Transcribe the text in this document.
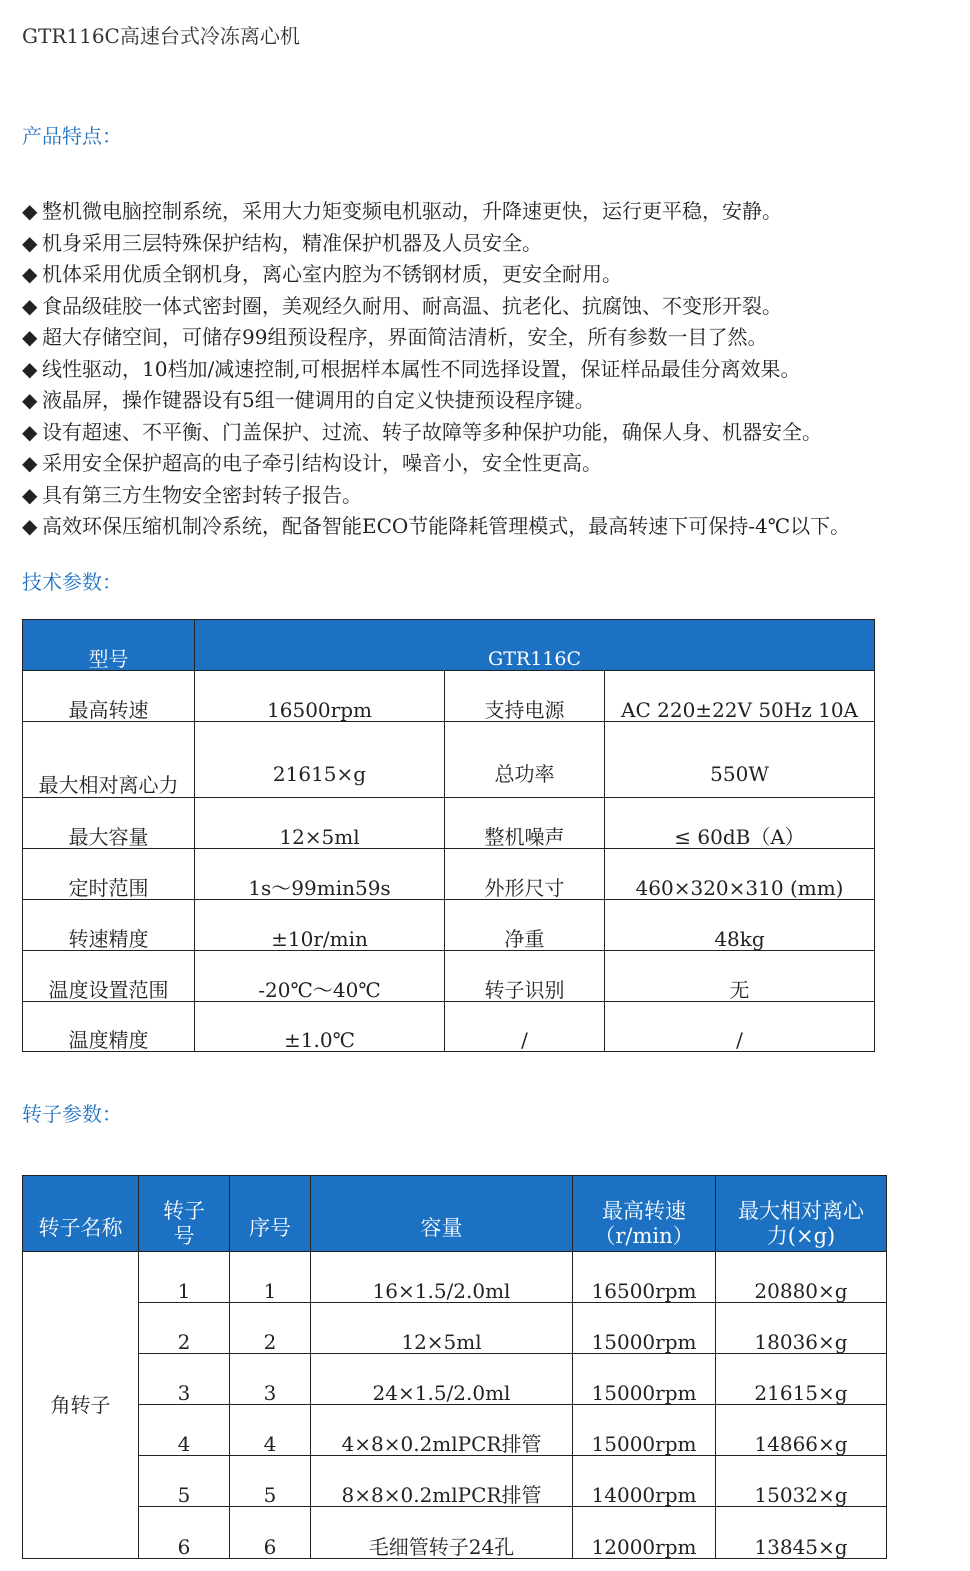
GTR116C高速台式冷冻离心机
产品特点：
◆ 整机微电脑控制系统，采用大力矩变频电机驱动，升降速更快，运行更平稳，安静。
◆ 机身采用三层特殊保护结构，精准保护机器及人员安全。
◆ 机体采用优质全钢机身，离心室内腔为不锈钢材质，更安全耐用。
◆ 食品级硅胶一体式密封圈，美观经久耐用、耐高温、抗老化、抗腐蚀、不变形开裂。
◆ 超大存储空间，可储存99组预设程序，界面简洁清析，安全，所有参数一目了然。
◆ 线性驱动，10档加/减速控制,可根据样本属性不同选择设置，保证样品最佳分离效果。
◆ 液晶屏，操作键器设有5组一健调用的自定义快捷预设程序键。
◆ 设有超速、不平衡、门盖保护、过流、转子故障等多种保护功能，确保人身、机器安全。
◆ 采用安全保护超高的电子牵引结构设计，噪音小，安全性更高。
◆ 具有第三方生物安全密封转子报告。
◆ 高效环保压缩机制冷系统，配备智能ECO节能降耗管理模式，最高转速下可保持-4℃以下。
技术参数：
型号	GTR116C		
最高转速	16500rpm	支持电源	AC 220±22V 50Hz 10A
最大相对离心力	21615×g	总功率	550W
最大容量	12×5ml	整机噪声	≤ 60dB（A）
定时范围	1s～99min59s	外形尺寸	460×320×310 (mm)
转速精度	±10r/min	净重	48kg
温度设置范围	-20℃～40℃	转子识别	无
温度精度	±1.0℃	/	/
转子参数：
转子名称	转子号	序号	容量	最高转速（r/min）	最大相对离心力(×g)
角转子	1	1	16×1.5/2.0ml	16500rpm	20880×g
	2	2	12×5ml	15000rpm	18036×g
	3	3	24×1.5/2.0ml	15000rpm	21615×g
	4	4	4×8×0.2mlPCR排管	15000rpm	14866×g
	5	5	8×8×0.2mlPCR排管	14000rpm	15032×g
	6	6	毛细管转子24孔	12000rpm	13845×g
